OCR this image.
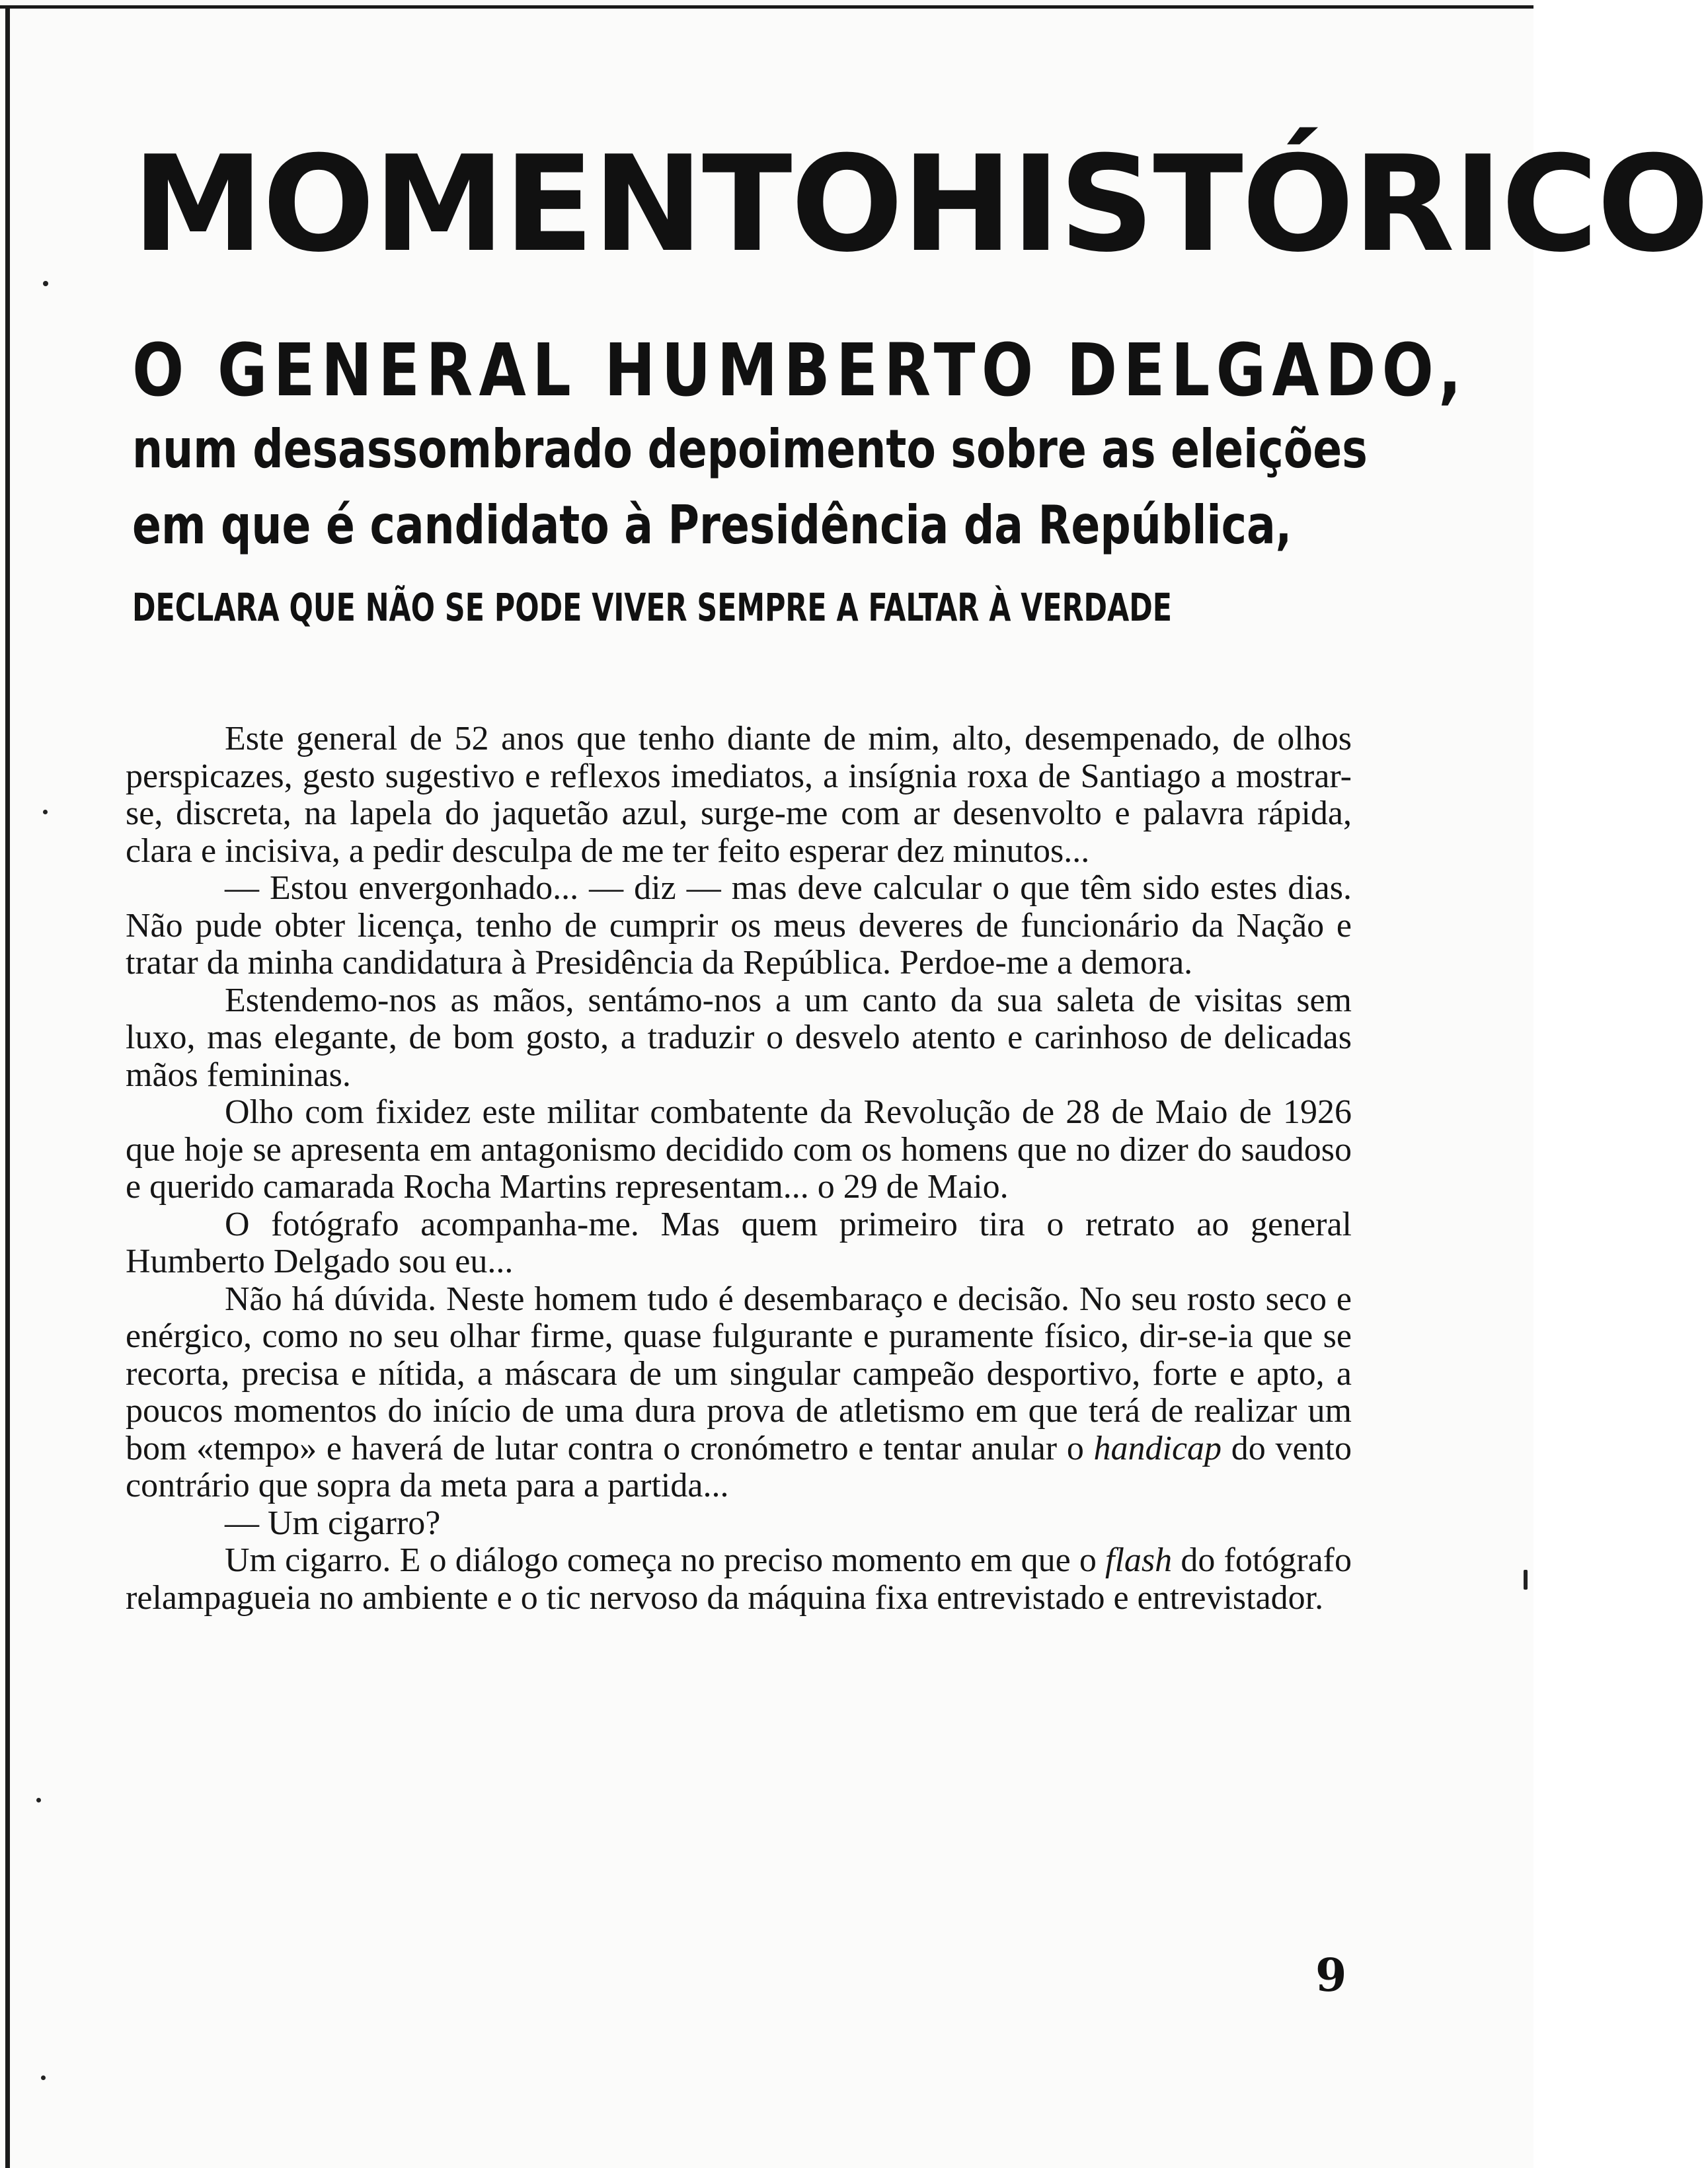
MOMENTO HISTÓRICO
O GENERAL HUMBERTO DELGADO,
num desassombrado depoimento sobre as eleições
em que é candidato à Presidência da República,
DECLARA QUE NÃO SE PODE VIVER SEMPRE A FALTAR À VERDADE

Este general de 52 anos que tenho diante de mim, alto, desempenado, de olhos perspicazes, gesto sugestivo e reflexos imediatos, a insígnia roxa de Santiago a mostrar-se, discreta, na lapela do jaquetão azul, surge-me com ar desenvolto e palavra rápida, clara e incisiva, a pedir desculpa de me ter feito esperar dez minutos...

— Estou envergonhado... — diz — mas deve calcular o que têm sido estes dias. Não pude obter licença, tenho de cumprir os meus deveres de funcionário da Nação e tratar da minha candidatura à Presidência da República. Perdoe-me a demora.

Estendemo-nos as mãos, sentámo-nos a um canto da sua saleta de visitas sem luxo, mas elegante, de bom gosto, a traduzir o desvelo atento e carinhoso de delicadas mãos femininas.

Olho com fixidez este militar combatente da Revolução de 28 de Maio de 1926 que hoje se apresenta em antagonismo decidido com os homens que no dizer do saudoso e querido camarada Rocha Martins representam... o 29 de Maio.

O fotógrafo acompanha-me. Mas quem primeiro tira o retrato ao general Humberto Delgado sou eu...

Não há dúvida. Neste homem tudo é desembaraço e decisão. No seu rosto seco e enérgico, como no seu olhar firme, quase fulgurante e puramente físico, dir-se-ia que se recorta, precisa e nítida, a máscara de um singular campeão desportivo, forte e apto, a poucos momentos do início de uma dura prova de atletismo em que terá de realizar um bom «tempo» e haverá de lutar contra o cronómetro e tentar anular o handicap do vento contrário que sopra da meta para a partida...

— Um cigarro?

Um cigarro. E o diálogo começa no preciso momento em que o flash do fotógrafo relampagueia no ambiente e o tic nervoso da máquina fixa entrevistado e entrevistador.

9
